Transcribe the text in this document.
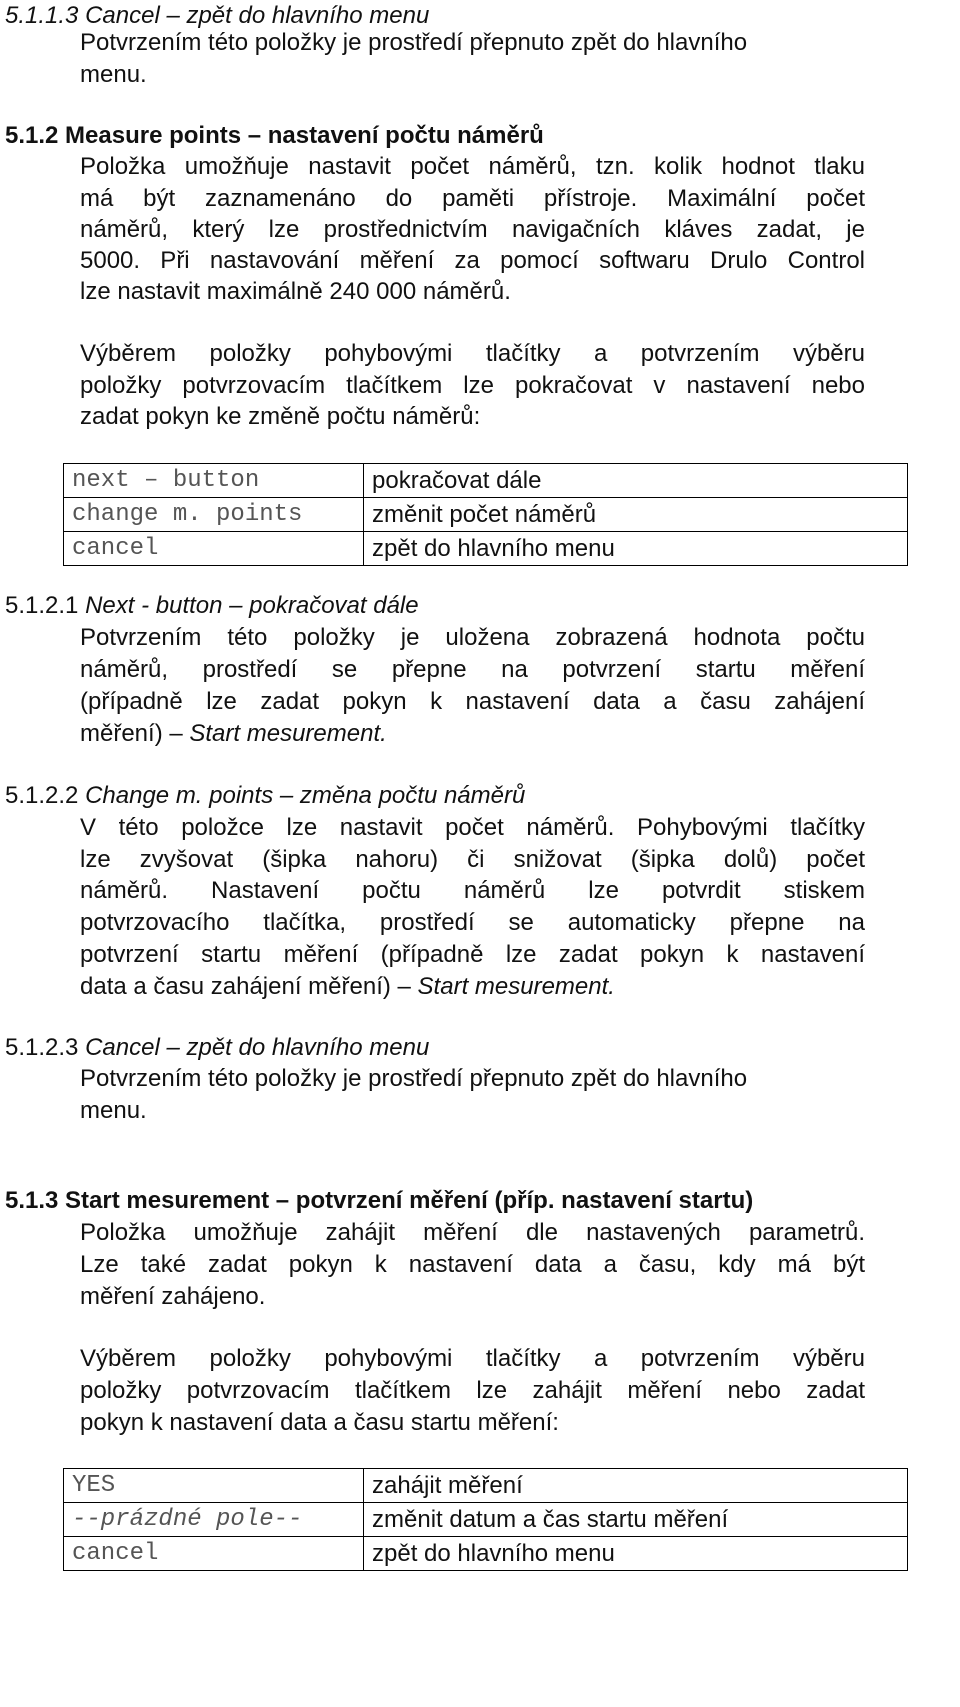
5.1.1.3 Cancel – zpět do hlavního menu
Potvrzením této položky je prostředí přepnuto zpět do hlavního
menu.
5.1.2 Measure points – nastavení počtu náměrů
Položka umožňuje nastavit počet náměrů, tzn. kolik hodnot tlaku
má být zaznamenáno do paměti přístroje. Maximální počet
náměrů, který lze prostřednictvím navigačních kláves zadat, je
5000. Při nastavování měření za pomocí softwaru Drulo Control
lze nastavit maximálně 240 000 náměrů.
Výběrem položky pohybovými tlačítky a potvrzením výběru
položky potvrzovacím tlačítkem lze pokračovat v nastavení nebo
zadat pokyn ke změně počtu náměrů:
next – button	pokračovat dále
change m. points	změnit počet náměrů
cancel	zpět do hlavního menu
5.1.2.1 Next - button – pokračovat dále
Potvrzením této položky je uložena zobrazená hodnota počtu
náměrů, prostředí se přepne na potvrzení startu měření
(případně lze zadat pokyn k nastavení data a času zahájení
měření) – Start mesurement.
5.1.2.2 Change m. points – změna počtu náměrů
V této položce lze nastavit počet náměrů. Pohybovými tlačítky
lze zvyšovat (šipka nahoru) či snižovat (šipka dolů) počet
náměrů. Nastavení počtu náměrů lze potvrdit stiskem
potvrzovacího tlačítka, prostředí se automaticky přepne na
potvrzení startu měření (případně lze zadat pokyn k nastavení
data a času zahájení měření) – Start mesurement.
5.1.2.3 Cancel – zpět do hlavního menu
Potvrzením této položky je prostředí přepnuto zpět do hlavního
menu.
5.1.3 Start mesurement – potvrzení měření (příp. nastavení startu)
Položka umožňuje zahájit měření dle nastavených parametrů.
Lze také zadat pokyn k nastavení data a času, kdy má být
měření zahájeno.
Výběrem položky pohybovými tlačítky a potvrzením výběru
položky potvrzovacím tlačítkem lze zahájit měření nebo zadat
pokyn k nastavení data a času startu měření:
YES	zahájit měření
--prázdné pole--	změnit datum a čas startu měření
cancel	zpět do hlavního menu
